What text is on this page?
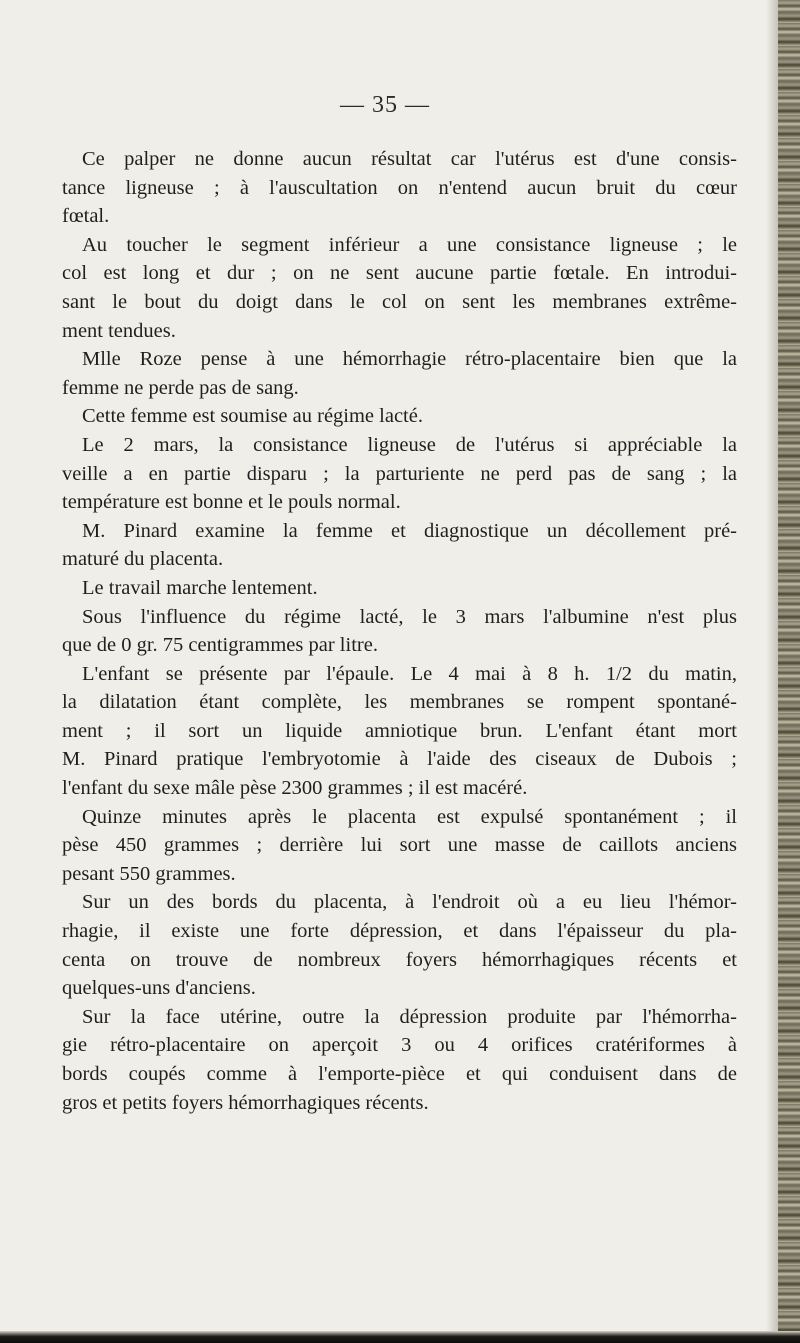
— 35 —
Ce palper ne donne aucun résultat car l'utérus est d'une consis-
tance ligneuse ; à l'auscultation on n'entend aucun bruit du cœur
fœtal.
Au toucher le segment inférieur a une consistance ligneuse ; le
col est long et dur ; on ne sent aucune partie fœtale. En introdui-
sant le bout du doigt dans le col on sent les membranes extrême-
ment tendues.
Mlle Roze pense à une hémorrhagie rétro-placentaire bien que la
femme ne perde pas de sang.
Cette femme est soumise au régime lacté.
Le 2 mars, la consistance ligneuse de l'utérus si appréciable la
veille a en partie disparu ; la parturiente ne perd pas de sang ; la
température est bonne et le pouls normal.
M. Pinard examine la femme et diagnostique un décollement pré-
maturé du placenta.
Le travail marche lentement.
Sous l'influence du régime lacté, le 3 mars l'albumine n'est plus
que de 0 gr. 75 centigrammes par litre.
L'enfant se présente par l'épaule. Le 4 mai à 8 h. 1/2 du matin,
la dilatation étant complète, les membranes se rompent spontané-
ment ; il sort un liquide amniotique brun. L'enfant étant mort
M. Pinard pratique l'embryotomie à l'aide des ciseaux de Dubois ;
l'enfant du sexe mâle pèse 2300 grammes ; il est macéré.
Quinze minutes après le placenta est expulsé spontanément ; il
pèse 450 grammes ; derrière lui sort une masse de caillots anciens
pesant 550 grammes.
Sur un des bords du placenta, à l'endroit où a eu lieu l'hémor-
rhagie, il existe une forte dépression, et dans l'épaisseur du pla-
centa on trouve de nombreux foyers hémorrhagiques récents et
quelques-uns d'anciens.
Sur la face utérine, outre la dépression produite par l'hémorrha-
gie rétro-placentaire on aperçoit 3 ou 4 orifices cratériformes à
bords coupés comme à l'emporte-pièce et qui conduisent dans de
gros et petits foyers hémorrhagiques récents.
